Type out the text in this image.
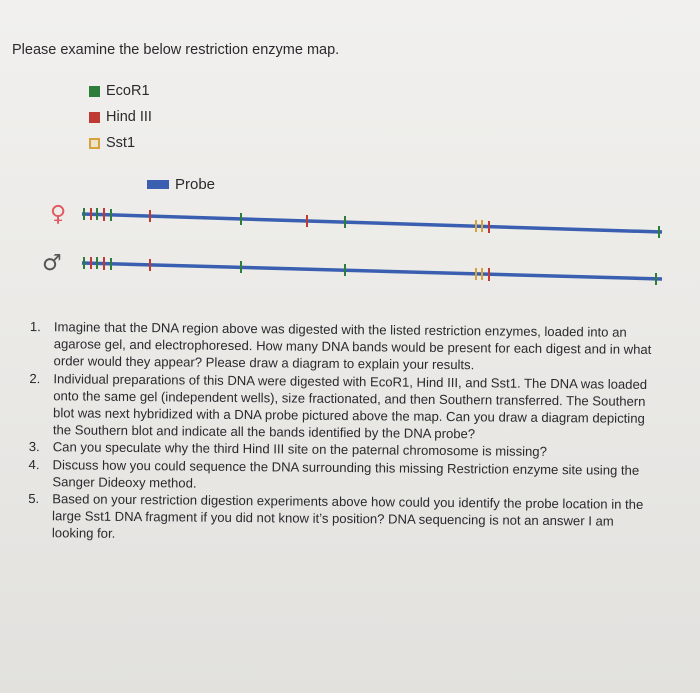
Please examine the below restriction enzyme map.
EcoR1
Hind III
Sst1
Probe
♀
♂
1. Imagine that the DNA region above was digested with the listed restriction enzymes, loaded into an agarose gel, and electrophoresed. How many DNA bands would be present for each digest and in what order would they appear? Please draw a diagram to explain your results.
2. Individual preparations of this DNA were digested with EcoR1, Hind III, and Sst1. The DNA was loaded onto the same gel (independent wells), size fractionated, and then Southern transferred. The Southern blot was next hybridized with a DNA probe pictured above the map. Can you draw a diagram depicting the Southern blot and indicate all the bands identified by the DNA probe?
3. Can you speculate why the third Hind III site on the paternal chromosome is missing?
4. Discuss how you could sequence the DNA surrounding this missing Restriction enzyme site using the Sanger Dideoxy method.
5. Based on your restriction digestion experiments above how could you identify the probe location in the large Sst1 DNA fragment if you did not know it’s position? DNA sequencing is not an answer I am looking for.
